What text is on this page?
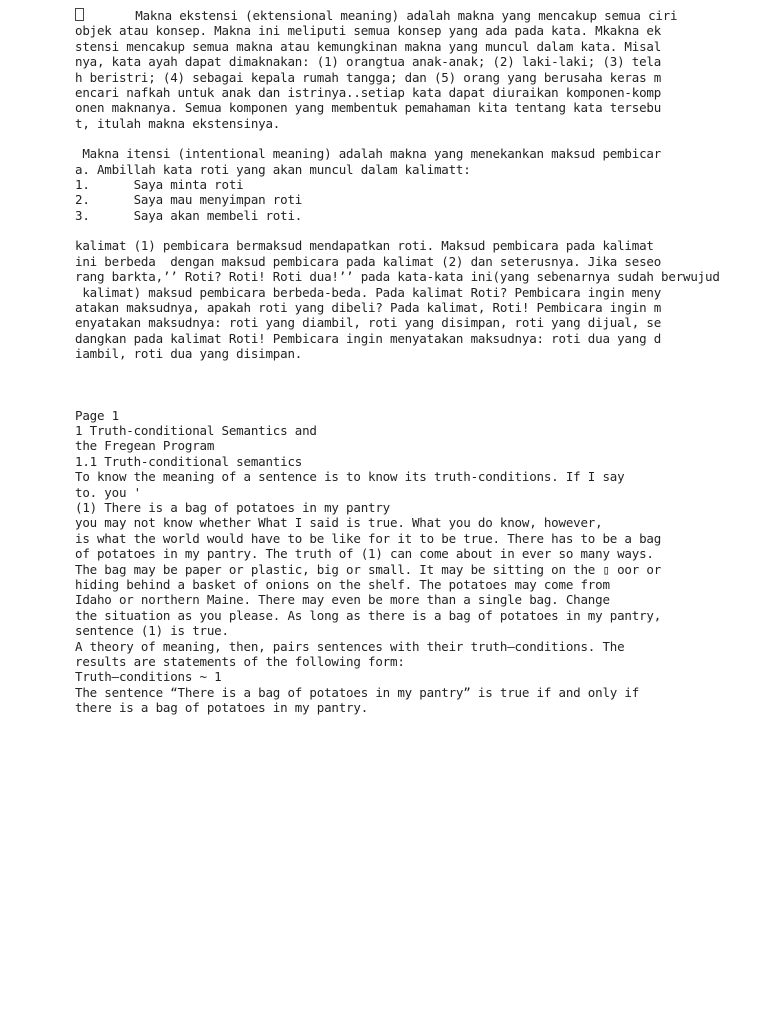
Makna ekstensi (ektensional meaning) adalah makna yang mencakup semua ciri
objek atau konsep. Makna ini meliputi semua konsep yang ada pada kata. Mkakna ek
stensi mencakup semua makna atau kemungkinan makna yang muncul dalam kata. Misal
nya, kata ayah dapat dimaknakan: (1) orangtua anak-anak; (2) laki-laki; (3) tela
h beristri; (4) sebagai kepala rumah tangga; dan (5) orang yang berusaha keras m
encari nafkah untuk anak dan istrinya..setiap kata dapat diuraikan komponen-komp
onen maknanya. Semua komponen yang membentuk pemahaman kita tentang kata tersebu
t, itulah makna ekstensinya.
Makna itensi (intentional meaning) adalah makna yang menekankan maksud pembicar
a. Ambillah kata roti yang akan muncul dalam kalimatt:
1.      Saya minta roti
2.      Saya mau menyimpan roti
3.      Saya akan membeli roti.
kalimat (1) pembicara bermaksud mendapatkan roti. Maksud pembicara pada kalimat
ini berbeda  dengan maksud pembicara pada kalimat (2) dan seterusnya. Jika seseo
rang barkta,’’ Roti? Roti! Roti dua!’’ pada kata-kata ini(yang sebenarnya sudah berwujud
kalimat) maksud pembicara berbeda-beda. Pada kalimat Roti? Pembicara ingin meny
atakan maksudnya, apakah roti yang dibeli? Pada kalimat, Roti! Pembicara ingin m
enyatakan maksudnya: roti yang diambil, roti yang disimpan, roti yang dijual, se
dangkan pada kalimat Roti! Pembicara ingin menyatakan maksudnya: roti dua yang d
iambil, roti dua yang disimpan.
Page 1
1 Truth-conditional Semantics and
the Fregean Program
1.1 Truth-conditional semantics
To know the meaning of a sentence is to know its truth-conditions. If I say
to. you '
(1) There is a bag of potatoes in my pantry
you may not know whether What I said is true. What you do know, however,
is what the world would have to be like for it to be true. There has to be a bag
of potatoes in my pantry. The truth of (1) can come about in ever so many ways.
The bag may be paper or plastic, big or small. It may be sitting on the ▯ oor or
hiding behind a basket of onions on the shelf. The potatoes may come from
Idaho or northern Maine. There may even be more than a single bag. Change
the situation as you please. As long as there is a bag of potatoes in my pantry,
sentence (1) is true.
A theory of meaning, then, pairs sentences with their truth—conditions. The
results are statements of the following form:
Truth—conditions ~ 1
The sentence “There is a bag of potatoes in my pantry” is true if and only if
there is a bag of potatoes in my pantry.
